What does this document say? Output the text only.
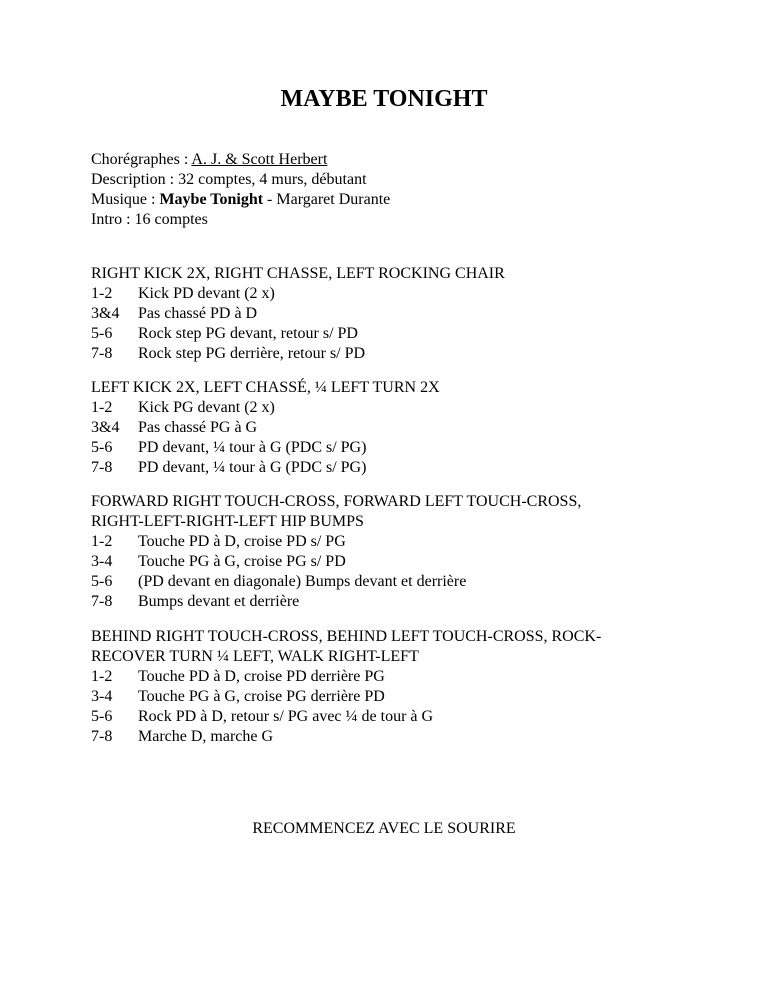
MAYBE TONIGHT
Chorégraphes : A. J. & Scott Herbert
Description : 32 comptes, 4 murs, débutant
Musique : Maybe Tonight - Margaret Durante
Intro : 16 comptes
RIGHT KICK 2X, RIGHT CHASSE, LEFT ROCKING CHAIR
1-2	Kick PD devant (2 x)
3&4	Pas chassé PD à D
5-6	Rock step PG devant, retour s/ PD
7-8	Rock step PG derrière, retour s/ PD
LEFT KICK 2X, LEFT CHASSÉ, ¼ LEFT TURN 2X
1-2	Kick PG devant (2 x)
3&4	Pas chassé PG à G
5-6	PD devant, ¼ tour à G (PDC s/ PG)
7-8	PD devant, ¼ tour à G (PDC s/ PG)
FORWARD RIGHT TOUCH-CROSS, FORWARD LEFT TOUCH-CROSS,
RIGHT-LEFT-RIGHT-LEFT HIP BUMPS
1-2	Touche PD à D, croise PD s/ PG
3-4	Touche PG à G, croise PG s/ PD
5-6	(PD devant en diagonale) Bumps devant et derrière
7-8	Bumps devant et derrière
BEHIND RIGHT TOUCH-CROSS, BEHIND LEFT TOUCH-CROSS, ROCK-
RECOVER TURN ¼ LEFT, WALK RIGHT-LEFT
1-2	Touche PD à D, croise PD derrière PG
3-4	Touche PG à G, croise PG derrière PD
5-6	Rock PD à D, retour s/ PG avec ¼ de tour à G
7-8	Marche D, marche G
RECOMMENCEZ AVEC LE SOURIRE
